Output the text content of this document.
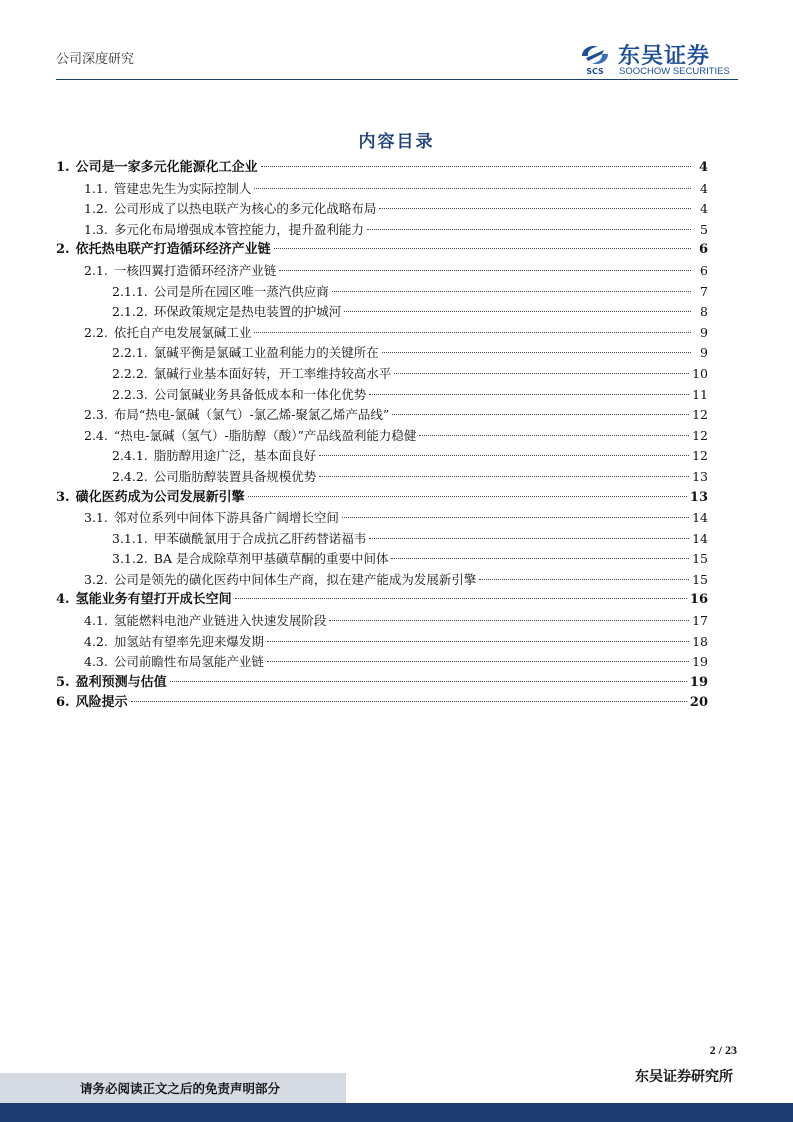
公司深度研究
SCS
东吴证券
SOOCHOW SECURITIES
内容目录
1. 公司是一家多元化能源化工企业	4
1.1. 管建忠先生为实际控制人	4
1.2. 公司形成了以热电联产为核心的多元化战略布局	4
1.3. 多元化布局增强成本管控能力，提升盈利能力	5
2. 依托热电联产打造循环经济产业链	6
2.1. 一核四翼打造循环经济产业链	6
2.1.1. 公司是所在园区唯一蒸汽供应商	7
2.1.2. 环保政策规定是热电装置的护城河	8
2.2. 依托自产电发展氯碱工业	9
2.2.1. 氯碱平衡是氯碱工业盈利能力的关键所在	9
2.2.2. 氯碱行业基本面好转，开工率维持较高水平	10
2.2.3. 公司氯碱业务具备低成本和一体化优势	11
2.3. 布局“热电-氯碱（氯气）-氯乙烯-聚氯乙烯产品线”	12
2.4. “热电-氯碱（氢气）-脂肪醇（酸）”产品线盈利能力稳健	12
2.4.1. 脂肪醇用途广泛，基本面良好	12
2.4.2. 公司脂肪醇装置具备规模优势	13
3. 磺化医药成为公司发展新引擎	13
3.1. 邻对位系列中间体下游具备广阔增长空间	14
3.1.1. 甲苯磺酰氯用于合成抗乙肝药替诺福韦	14
3.1.2. BA 是合成除草剂甲基磺草酮的重要中间体	15
3.2. 公司是领先的磺化医药中间体生产商，拟在建产能成为发展新引擎	15
4. 氢能业务有望打开成长空间	16
4.1. 氢能燃料电池产业链进入快速发展阶段	17
4.2. 加氢站有望率先迎来爆发期	18
4.3. 公司前瞻性布局氢能产业链	19
5. 盈利预测与估值	19
6. 风险提示	20
2 / 23
请务必阅读正文之后的免责声明部分
东吴证券研究所
